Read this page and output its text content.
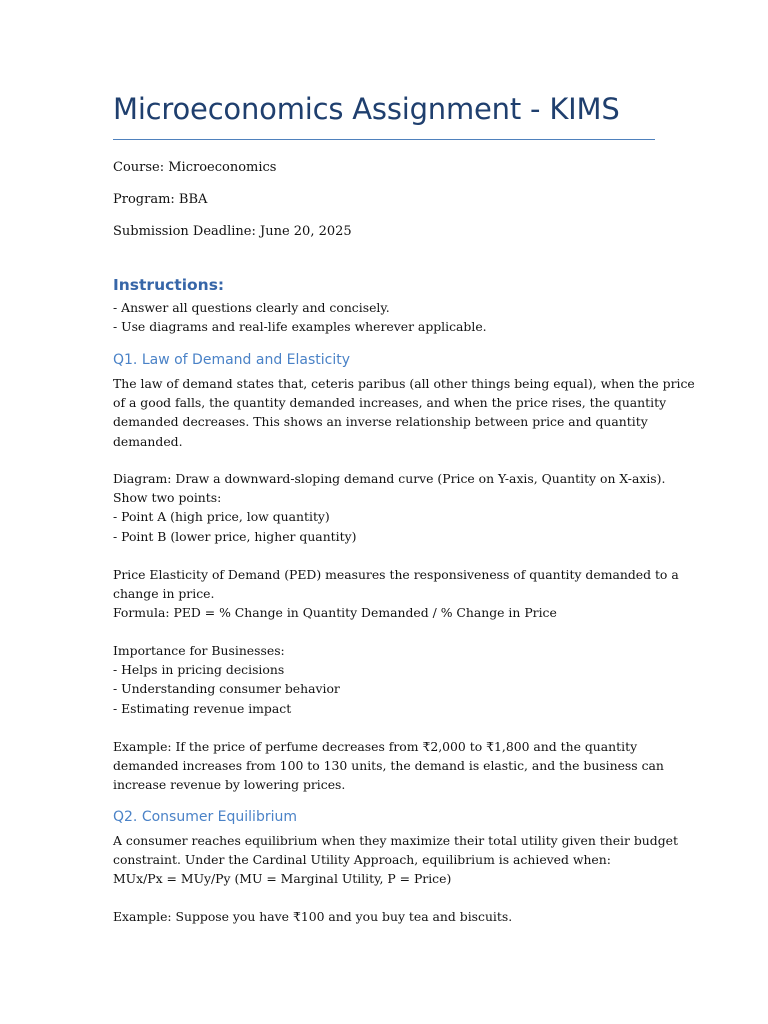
Microeconomics Assignment - KIMS
Course: Microeconomics
Program: BBA
Submission Deadline: June 20, 2025
Instructions:
- Answer all questions clearly and concisely.
- Use diagrams and real-life examples wherever applicable.
Q1. Law of Demand and Elasticity
The law of demand states that, ceteris paribus (all other things being equal), when the price
of a good falls, the quantity demanded increases, and when the price rises, the quantity
demanded decreases. This shows an inverse relationship between price and quantity
demanded.
Diagram: Draw a downward-sloping demand curve (Price on Y-axis, Quantity on X-axis).
Show two points:
- Point A (high price, low quantity)
- Point B (lower price, higher quantity)
Price Elasticity of Demand (PED) measures the responsiveness of quantity demanded to a
change in price.
Formula: PED = % Change in Quantity Demanded / % Change in Price
Importance for Businesses:
- Helps in pricing decisions
- Understanding consumer behavior
- Estimating revenue impact
Example: If the price of perfume decreases from ₹2,000 to ₹1,800 and the quantity
demanded increases from 100 to 130 units, the demand is elastic, and the business can
increase revenue by lowering prices.
Q2. Consumer Equilibrium
A consumer reaches equilibrium when they maximize their total utility given their budget
constraint. Under the Cardinal Utility Approach, equilibrium is achieved when:
MUx/Px = MUy/Py (MU = Marginal Utility, P = Price)
Example: Suppose you have ₹100 and you buy tea and biscuits.
